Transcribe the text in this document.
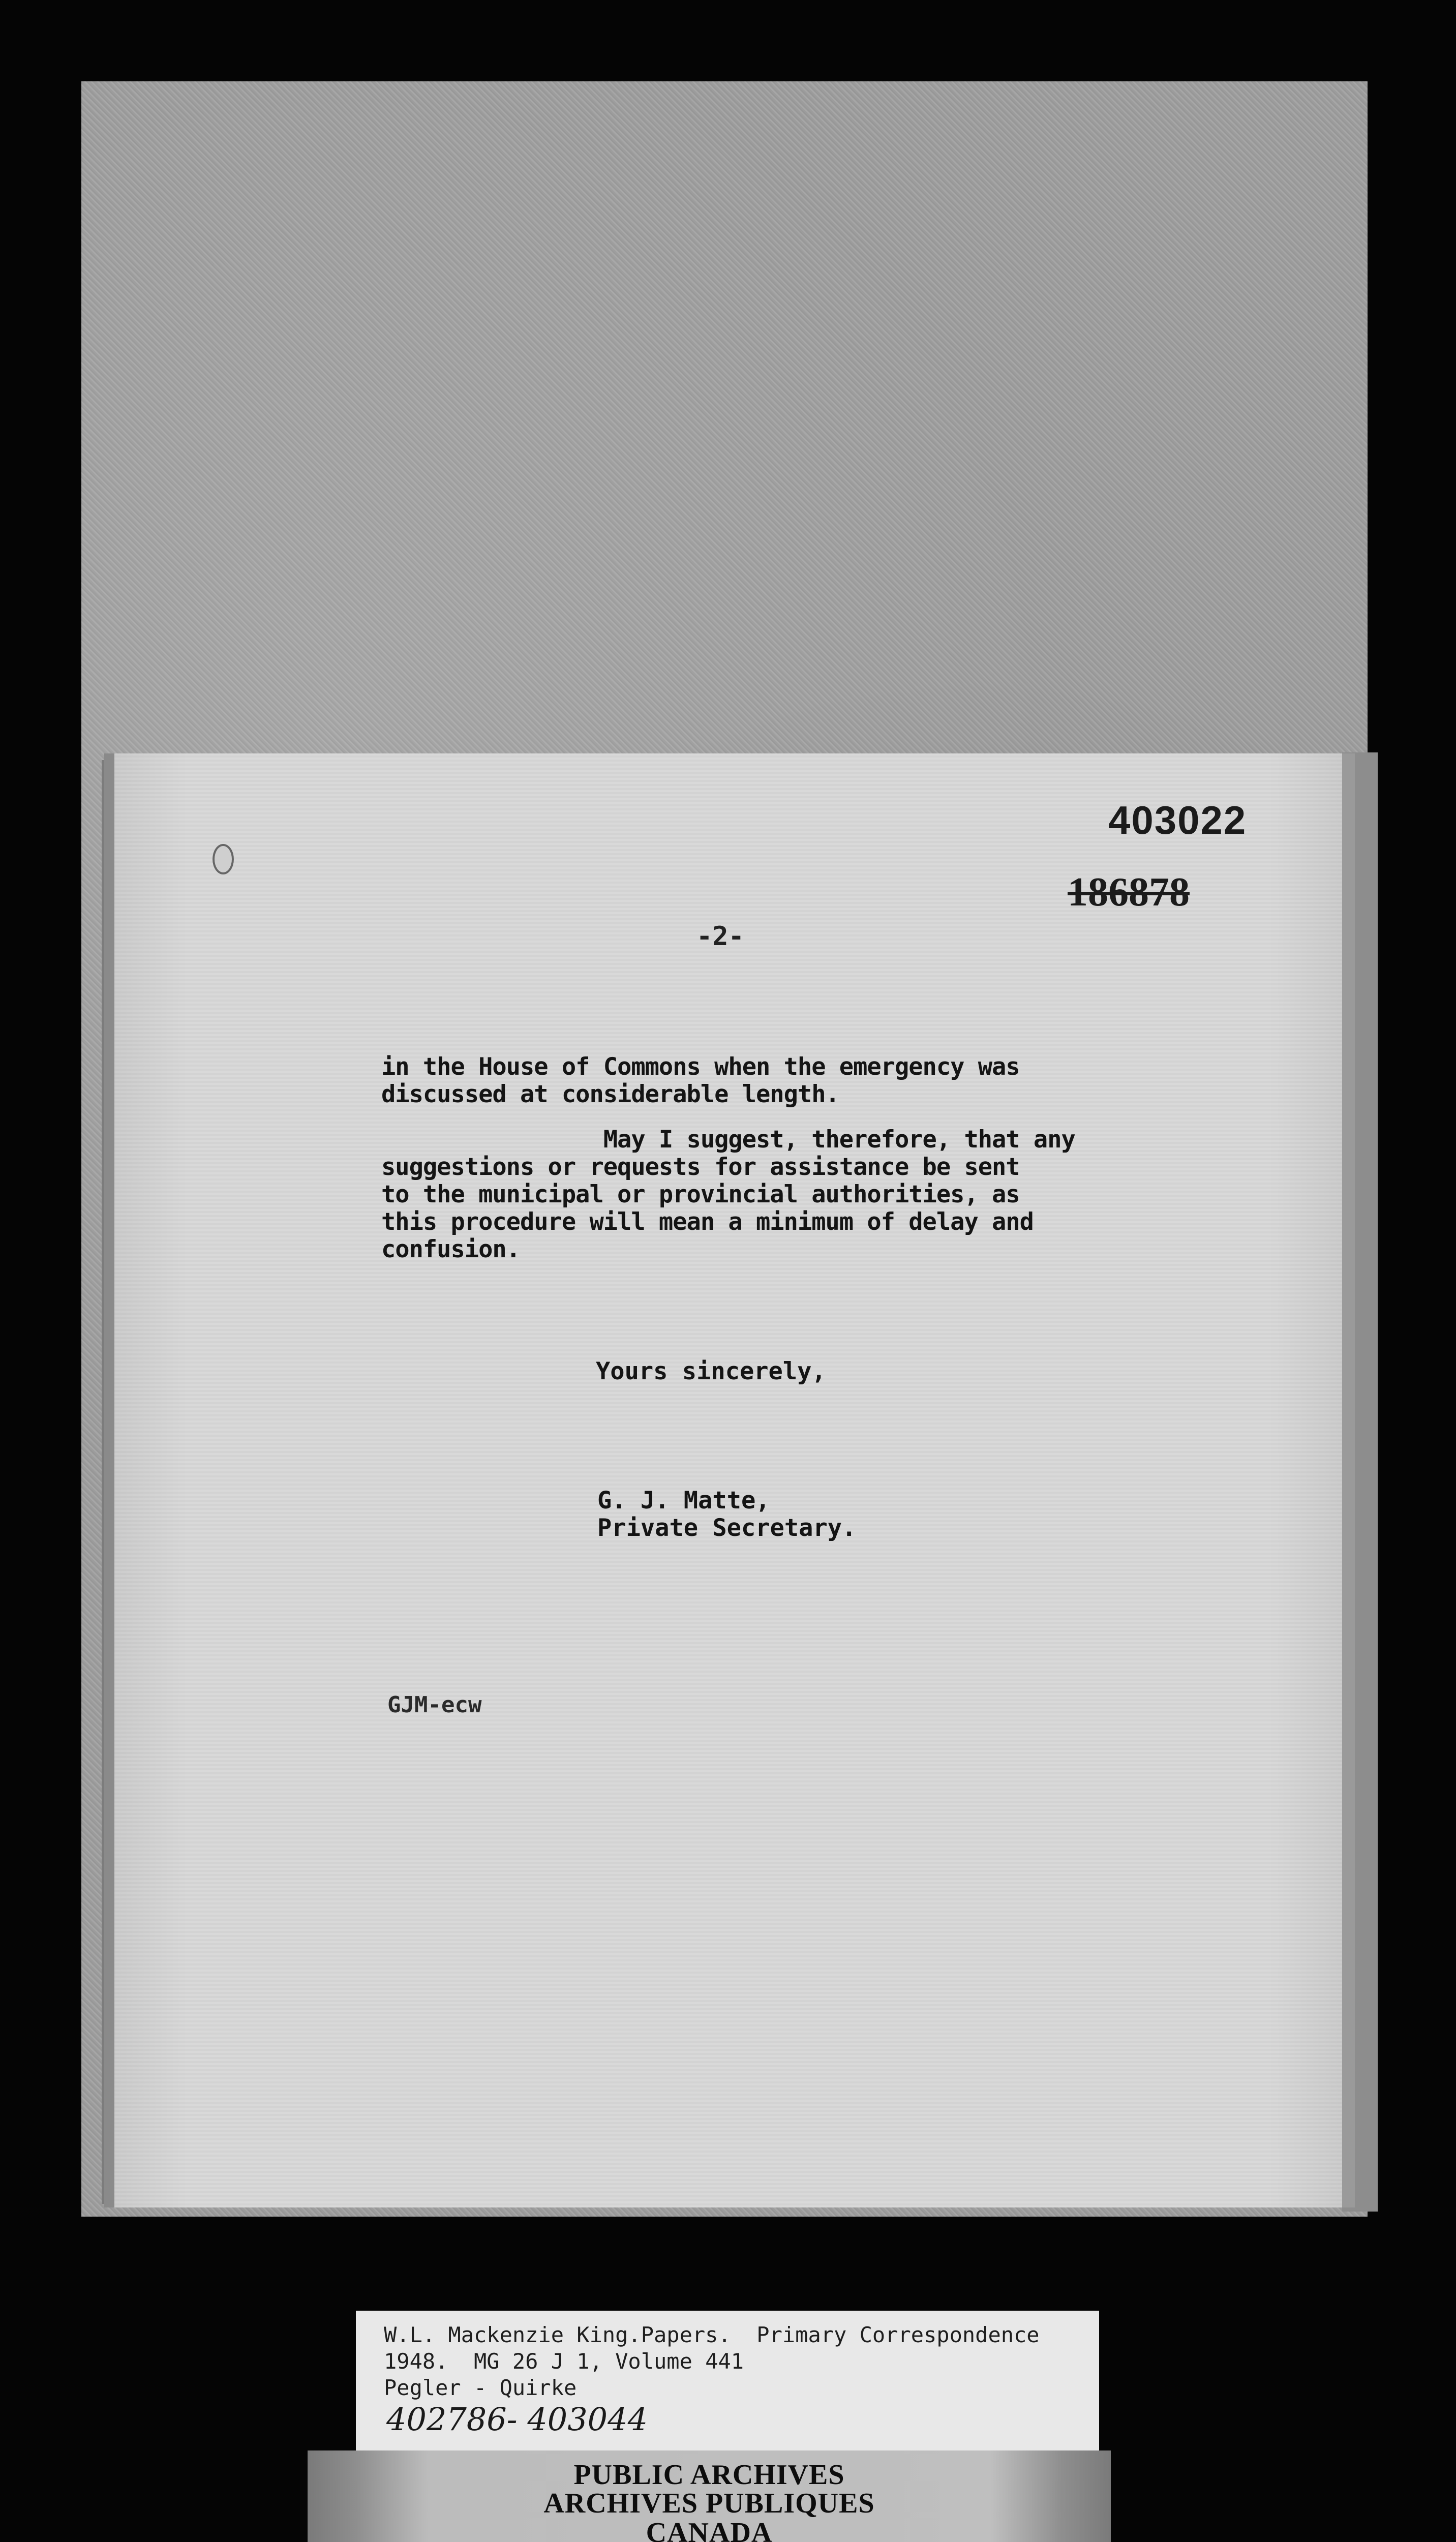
403022
186878
-2-
in the House of Commons when the emergency was
discussed at considerable length.
May I suggest, therefore, that any
suggestions or requests for assistance be sent
to the municipal or provincial authorities, as
this procedure will mean a minimum of delay and
confusion.
Yours sincerely,
G. J. Matte,
Private Secretary.
GJM-ecw
W.L. Mackenzie King.Papers.  Primary Correspondence
1948.  MG 26 J 1, Volume 441
Pegler - Quirke
402786- 403044
PUBLIC ARCHIVES
ARCHIVES PUBLIQUES
CANADA
